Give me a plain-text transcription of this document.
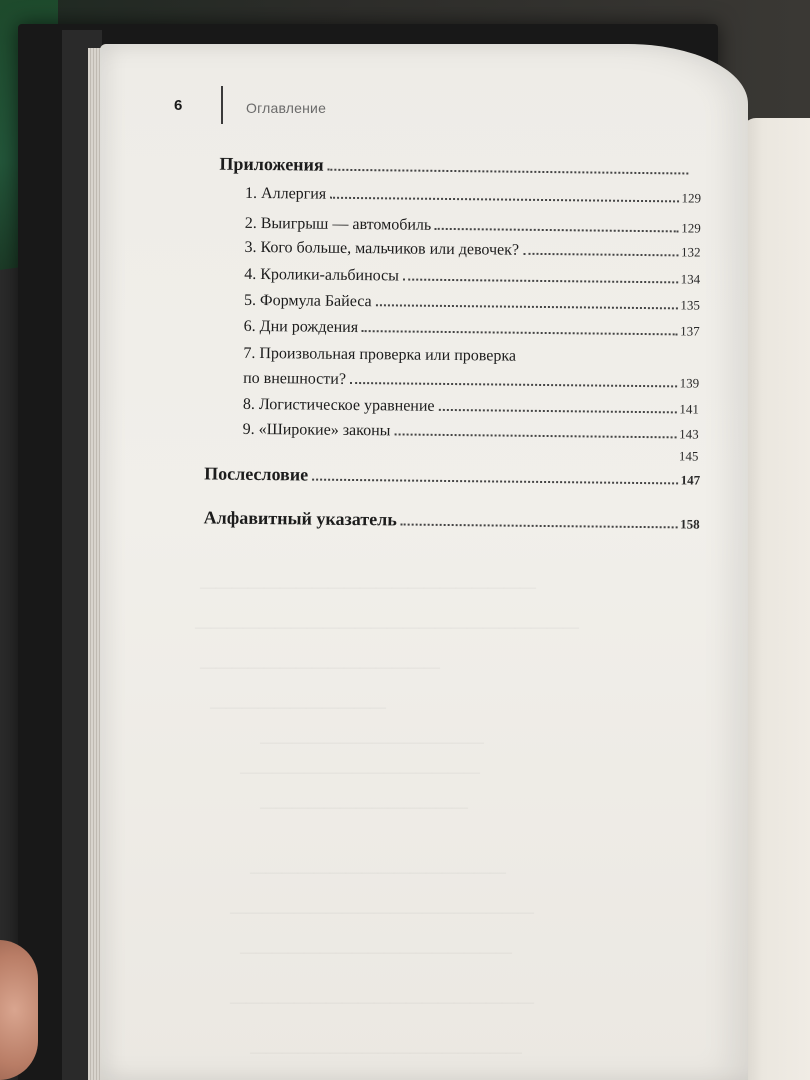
—————————————————————
————————————————————————
———————————————
———————————
——————————————
———————————————
—————————————
————————————————
———————————————————
—————————————————
———————————————————
—————————————————
6	Оглавление
Приложения
1. Аллергия	129
2. Выигрыш — автомобиль	129
3. Кого больше, мальчиков или девочек?	132
4. Кролики-альбиносы	134
5. Формула Байеса	135
6. Дни рождения	137
7. Произвольная проверка или проверка
по внешности?	139
8. Логистическое уравнение	141
9. «Широкие» законы	143
145
Послесловие	147
Алфавитный указатель	158
